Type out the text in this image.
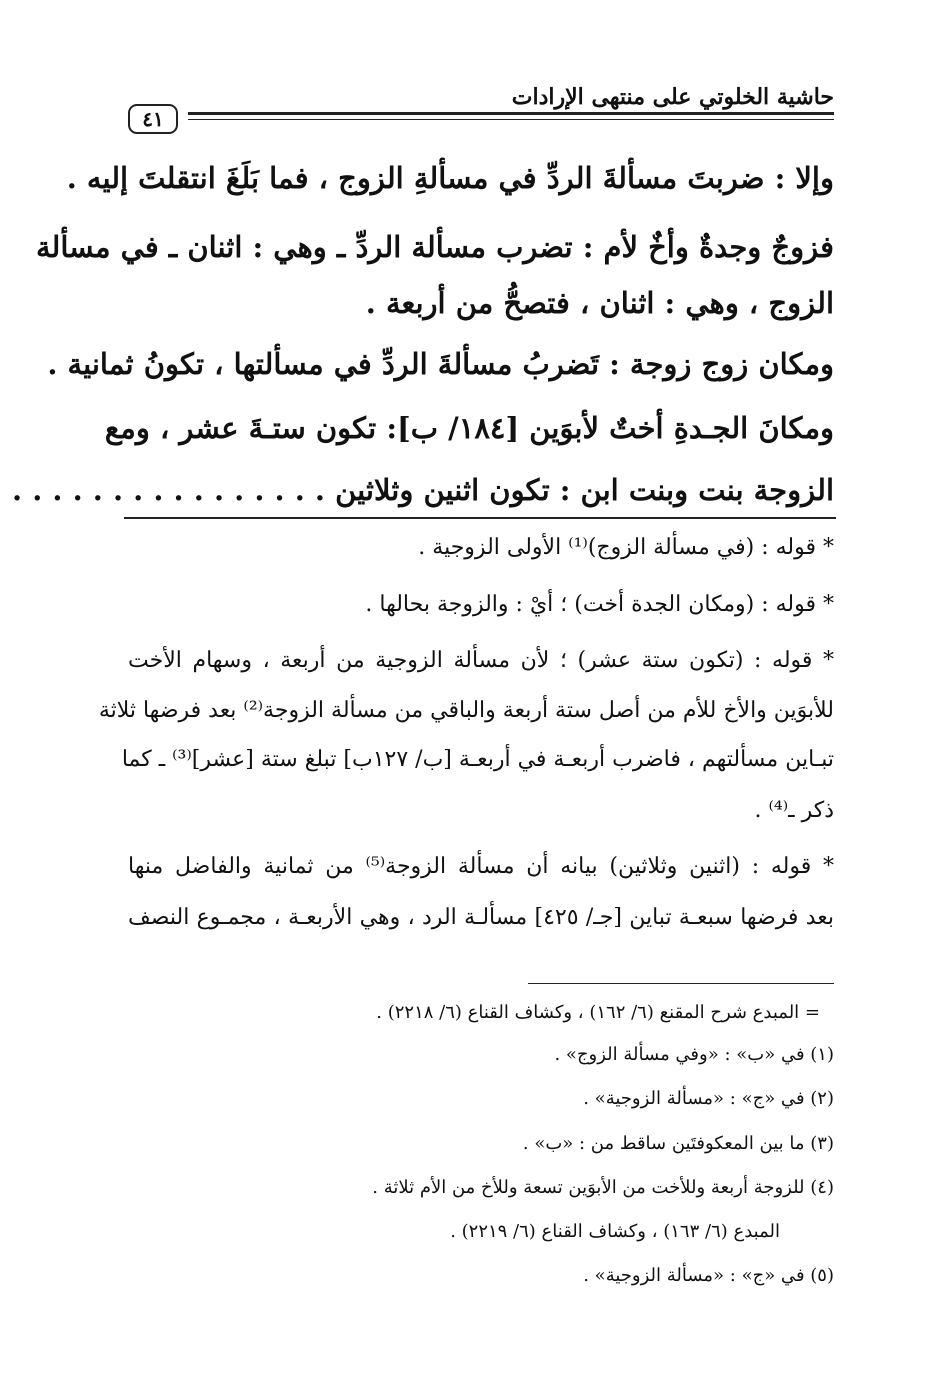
٤١
حاشية الخلوتي على منتهى الإرادات
وإلا : ضربتَ مسألةَ الردِّ في مسألةِ الزوج ، فما بَلَغَ انتقلتَ إليه .
فزوجٌ وجدةٌ وأخٌ لأم : تضرب مسألة الردِّ ـ وهي : اثنان ـ في مسألة
الزوج ، وهي : اثنان ، فتصحُّ من أربعة .
ومكان زوج زوجة : تَضربُ مسألةَ الردِّ في مسألتها ، تكونُ ثمانية .
ومكانَ الجـدةِ أختٌ لأبوَين [١٨٤/ ب]: تكون ستـةَ عشر ، ومع
الزوجة بنت وبنت ابن : تكون اثنين وثلاثين . . . . . . . . . . . . . . . .
* قوله : (في مسألة الزوج)⁽¹⁾ الأولى الزوجية .
* قوله : (ومكان الجدة أخت) ؛ أيْ : والزوجة بحالها .
* قوله : (تكون ستة عشر) ؛ لأن مسألة الزوجية من أربعة ، وسهام الأخت
للأبوَين والأخ للأم من أصل ستة أربعة والباقي من مسألة الزوجة⁽²⁾ بعد فرضها ثلاثة
تبـاين مسألتهم ، فاضرب أربعـة في أربعـة [ب/ ١٢٧ب] تبلغ ستة [عشر]⁽³⁾ ـ كما
ذكر ـ⁽⁴⁾ .
* قوله : (اثنين وثلاثين) بيانه أن مسألة الزوجة⁽⁵⁾ من ثمانية والفاضل منها
بعد فرضها سبعـة تباين [جـ/ ٤٢٥] مسألـة الرد ، وهي الأربعـة ، مجمـوع النصف
= المبدع شرح المقنع (٦/ ١٦٢) ، وكشاف القناع (٦/ ٢٢١٨) .
(١) في «ب» : «وفي مسألة الزوج» .
(٢) في «ج» : «مسألة الزوجية» .
(٣) ما بين المعكوفتَين ساقط من : «ب» .
(٤) للزوجة أربعة وللأخت من الأبوَين تسعة وللأخ من الأم ثلاثة .
المبدع (٦/ ١٦٣) ، وكشاف القناع (٦/ ٢٢١٩) .
(٥) في «ج» : «مسألة الزوجية» .
